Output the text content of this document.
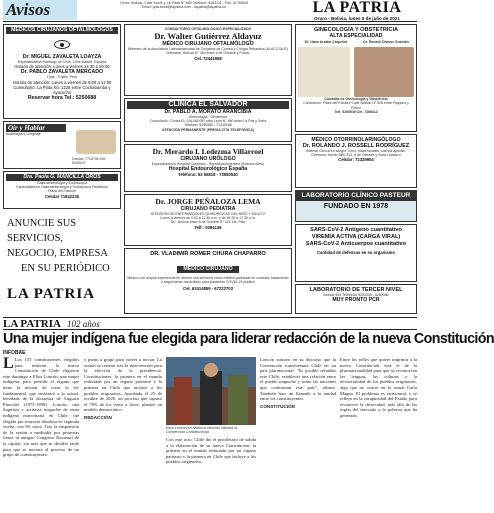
Avisos	Oruro: Bolívar, Calle Sucre y La Plata N° 660 Teléfono: 5253111 - Fax: 52 55545
Email: cparatura@lapatria.com - lapatria@lapatria.bo	LA PATRIA
Oruro - Bolivia, lunes 5 de julio de 2021
MÉDICOS CIRUJANOS OFTALMÓLOGOS
Dr. MIGUEL ZAVALETA LOAYZA
Especialización Santiago de Chile, Chile Madrid, España
Horario de atención: Lunes a viernes 14:30 a 20:00
Dr. PABLO ZAVALETA MERCADO
Lima - Trujillo, Perú
Horario de atención: Lunes a viernes de 9:00 a 12:00
Consultorio: La Plata No. 1226 entre Cochabamba y Ayacucho
Reservar hora Tel.: 5250688
Oír y Hablar
Audiología y Lenguaje
Celular: 7715736 Telf.: 5245247
Dra. Paola G. MANCILLA OROS
Gastroenterología y Endoscopía
Especialista en Gastroenterología y Endoscopía Pediátrica
Plaza del Folklore
Celular 71842226
ANUNCIE SUS SERVICIOS,
NEGOCIO, EMPRESA
EN SU PERIÓDICO
LA PATRIA
CONSULTORIO OFTALMOLÓGICO ESPECIALIZADO
Dr. Walter Gutiérrez Aldayuz
MÉDICO CIRUJANO OFTALMÓLOGO
Miembro de la Asociación Latinoamericana de Cirujanos de Córnea y Cirugía Refractiva (ALACCSA-R)
Dirección: Bolívar N° 484 entre 6 de Octubre y Potosí
Cel. 72441558
CLÍNICA EL SALVADOR
Dr. PABLO A. MORATO ARANCIBIA
Ginecología - Obstetricia
Consultorio: Clínica EL SALVADOR calle León N° 460 entre La Paz y Soria
Teléfono: 5250580 - 72449188
ATENCIÓN PERMANENTE (PREVIA CITA TELEFÓNICA)
Dr. Merardo I. Ledezma Villarroel
CIRUJANO URÓLOGO
Especialización Hospital Carabobo - República Argentina (Buenos Aires)
Hospital Endourológico España
Teléfono: 52 66818 - 73950530
Dr. JORGE PEÑALOZA LEMA
CIRUJANO PEDIATRA
ATENCIÓN DE ENFERMEDADES QUIRÚRGICAS DEL NIÑO Y ADULTO
Lunes a viernes de 9:00 a 11:30 a.m. y de 15:30 a 17:30 p.m.
Dir.: Bolívar entre 6 de Octubre N° 631 1er. Piso
Telf.: 5284136
DR. VLADIMIR ROMER CHURA CHAPARRO
MÉDICO CIRUJANO
Médico con amplia experiencia en ofrecer sus servicios como médico particular en consulta, tratamiento y seguimiento domiciliario para pacientes COVID-19 positivo
Cel. 63414859 - 67222703
GINECOLOGÍA Y OBSTETRICIA
ALTA ESPECIALIDAD
Dr. Hans Arzabe Caqueira	Dr. Ronald Chavez Guzmán
Consulta de Ginecología y Obstetricia
Consultorio: Plaza del Folklore Calle Bolívar N° 628 entre Pagador y Potosí
Telf. 5255545 Cel. 7386412
MÉDICO OTORRINOLARINGÓLOGO
Dr. ROLANDO J. ROSSELL RODRÍGUEZ
Atiende Clínica en sangre, cirno, fosas faciales, sueños apneas.
Dirección: Adolfo Mier 512, 6 de Octubre y Soria Galvarro
Celular: 72329904
LABORATORIO CLÍNICO PASTEUR
FUNDADO EN 1978
SARS-CoV-2 Antígeno cuantitativo
VIREMIA ACTIVA (CARGA VIRAL)
SARS-CoV-2 Anticuerpos cuantitativo
Cantidad de defensas en su organismo
LABORATORIO DE TERCER NIVEL
Bolívar 663 Teléfonos 5253349 - 5250988
MUY PRONTO PCR
LA PATRIA 102 años
Una mujer indígena fue elegida para liderar redacción de la nueva Constitución
INFOBAE
L Los 155 constituyentes elegidos para redactar la nueva Constitución de Chile eligieron este domingo a Elisa Loncón, una mujer indígena, para presidir el órgano que tiene la misión de crear la ley fundamental, que sustituirá a la actual, heredada de la dictadura de Augusto Pinochet (1973-1990). Loncón, una lingüista y activista mapuche de etnia indígena mayoritaria en Chile, fue elegida por mayoría absoluta en segunda vuelta, con 96 votos. Tras la suspensión de la sesión a mediodía por protestas frente al antiguo Congreso Nacional de la capital, sin más que se decidió tarde para que se iniciara al proceso de un grupo de constituyentes.
y punto a grupo para volver a iniciar. La sesión se retomó tras la intervención para la elección de la presidencia. Constituciones, la primera en el mundo redactada por un órgano paritario y la primera en Chile que incluye a los pueblos originarios. Aprobada el 25 de octubre de 2020, un proceso que supuso el 78% de los votos a favor, planteó un modelo democrático.
REDACCIÓN
Elisa Loncón en histórica elección liderará la Convención Constitucional.
Con este acto, Chile dio el pistoletazo de salida a la elaboración de su nueva Constitución, la primera en el mundo redactada por un órgano paritario y la primera en Chile que incluye a los pueblos originarios.
Loncón sostuvo en su discurso que la Convención transformará Chile en un país plurinacional. "Es posible refundar este Chile, establecer una relación entre el pueblo mapuche y todas las naciones que conforman este país", afirmó. También hizo un llamado a la unidad entre los constituyentes.
CONSTITUCIÓN
Entre los sellos que quiere imprimir a la nueva Constitución está el de la plurinacionalidad para que se reconozcan las lenguas, las culturas y la territorialidad de los pueblos originarios, algo que no ocurre en la actual Carta Magna. El problema es estructural, y se refleja en la incapacidad del Estado para reconocer la diversidad, más allá de las reglas del mercado y la pobreza que ha generado.
